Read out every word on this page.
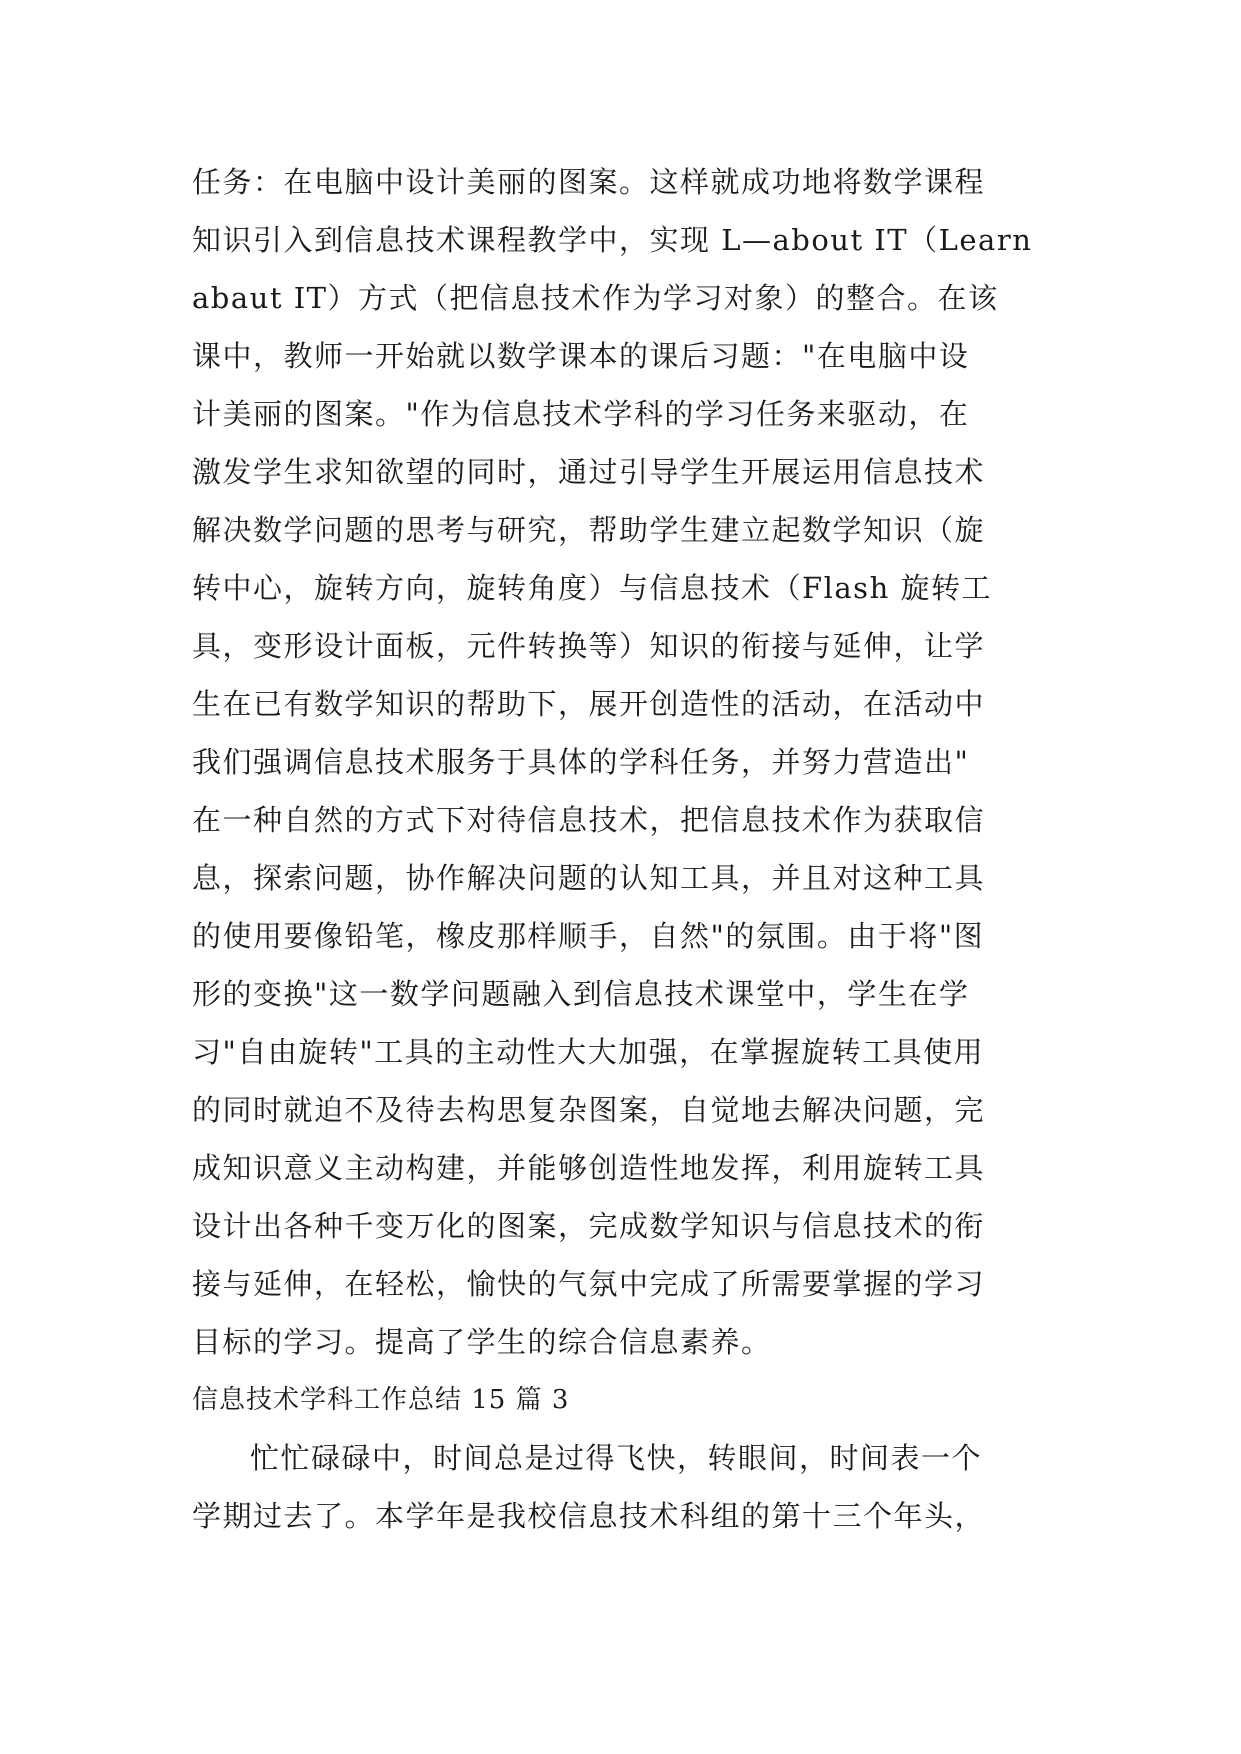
任务：在电脑中设计美丽的图案。这样就成功地将数学课程
知识引入到信息技术课程教学中，实现 L—about IT（Learn
abaut IT）方式（把信息技术作为学习对象）的整合。在该
课中，教师一开始就以数学课本的课后习题："在电脑中设
计美丽的图案。"作为信息技术学科的学习任务来驱动，在
激发学生求知欲望的同时，通过引导学生开展运用信息技术
解决数学问题的思考与研究，帮助学生建立起数学知识（旋
转中心，旋转方向，旋转角度）与信息技术（Flash 旋转工
具，变形设计面板，元件转换等）知识的衔接与延伸，让学
生在已有数学知识的帮助下，展开创造性的活动，在活动中
我们强调信息技术服务于具体的学科任务，并努力营造出"
在一种自然的方式下对待信息技术，把信息技术作为获取信
息，探索问题，协作解决问题的认知工具，并且对这种工具
的使用要像铅笔，橡皮那样顺手，自然"的氛围。由于将"图
形的变换"这一数学问题融入到信息技术课堂中，学生在学
习"自由旋转"工具的主动性大大加强，在掌握旋转工具使用
的同时就迫不及待去构思复杂图案，自觉地去解决问题，完
成知识意义主动构建，并能够创造性地发挥，利用旋转工具
设计出各种千变万化的图案，完成数学知识与信息技术的衔
接与延伸，在轻松，愉快的气氛中完成了所需要掌握的学习
目标的学习。提高了学生的综合信息素养。
信息技术学科工作总结 15 篇 3
忙忙碌碌中，时间总是过得飞快，转眼间，时间表一个
学期过去了。本学年是我校信息技术科组的第十三个年头，
